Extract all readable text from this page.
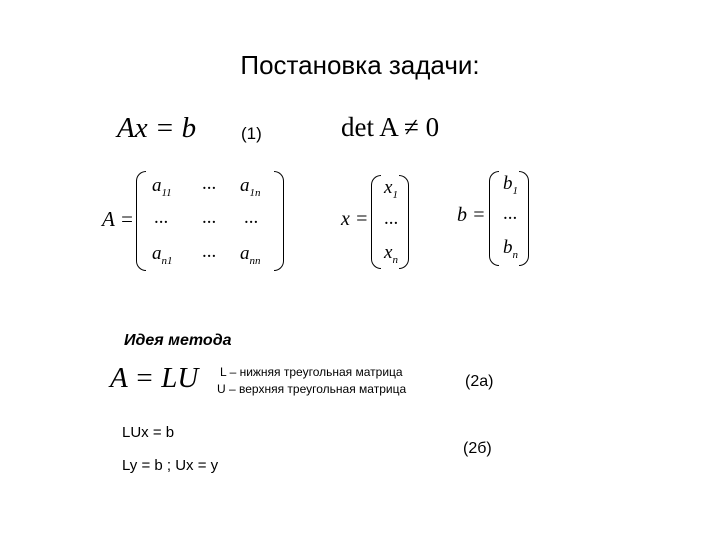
Постановка задачи:
Ax = b	(1)	det A ≠ 0
A =
$a_{11}$ ... $a_{1n}$
... ... ...
$a_{n1}$ ... $a_{nn}$
x =
$x_1$
...
$x_n$
b =
$b_1$
...
$b_n$
Идея метода
A = LU L – нижняя треугольная матрица
U – верхняя треугольная матрица	(2а)
LUx = b
(2б)
Ly = b ; Ux = y
